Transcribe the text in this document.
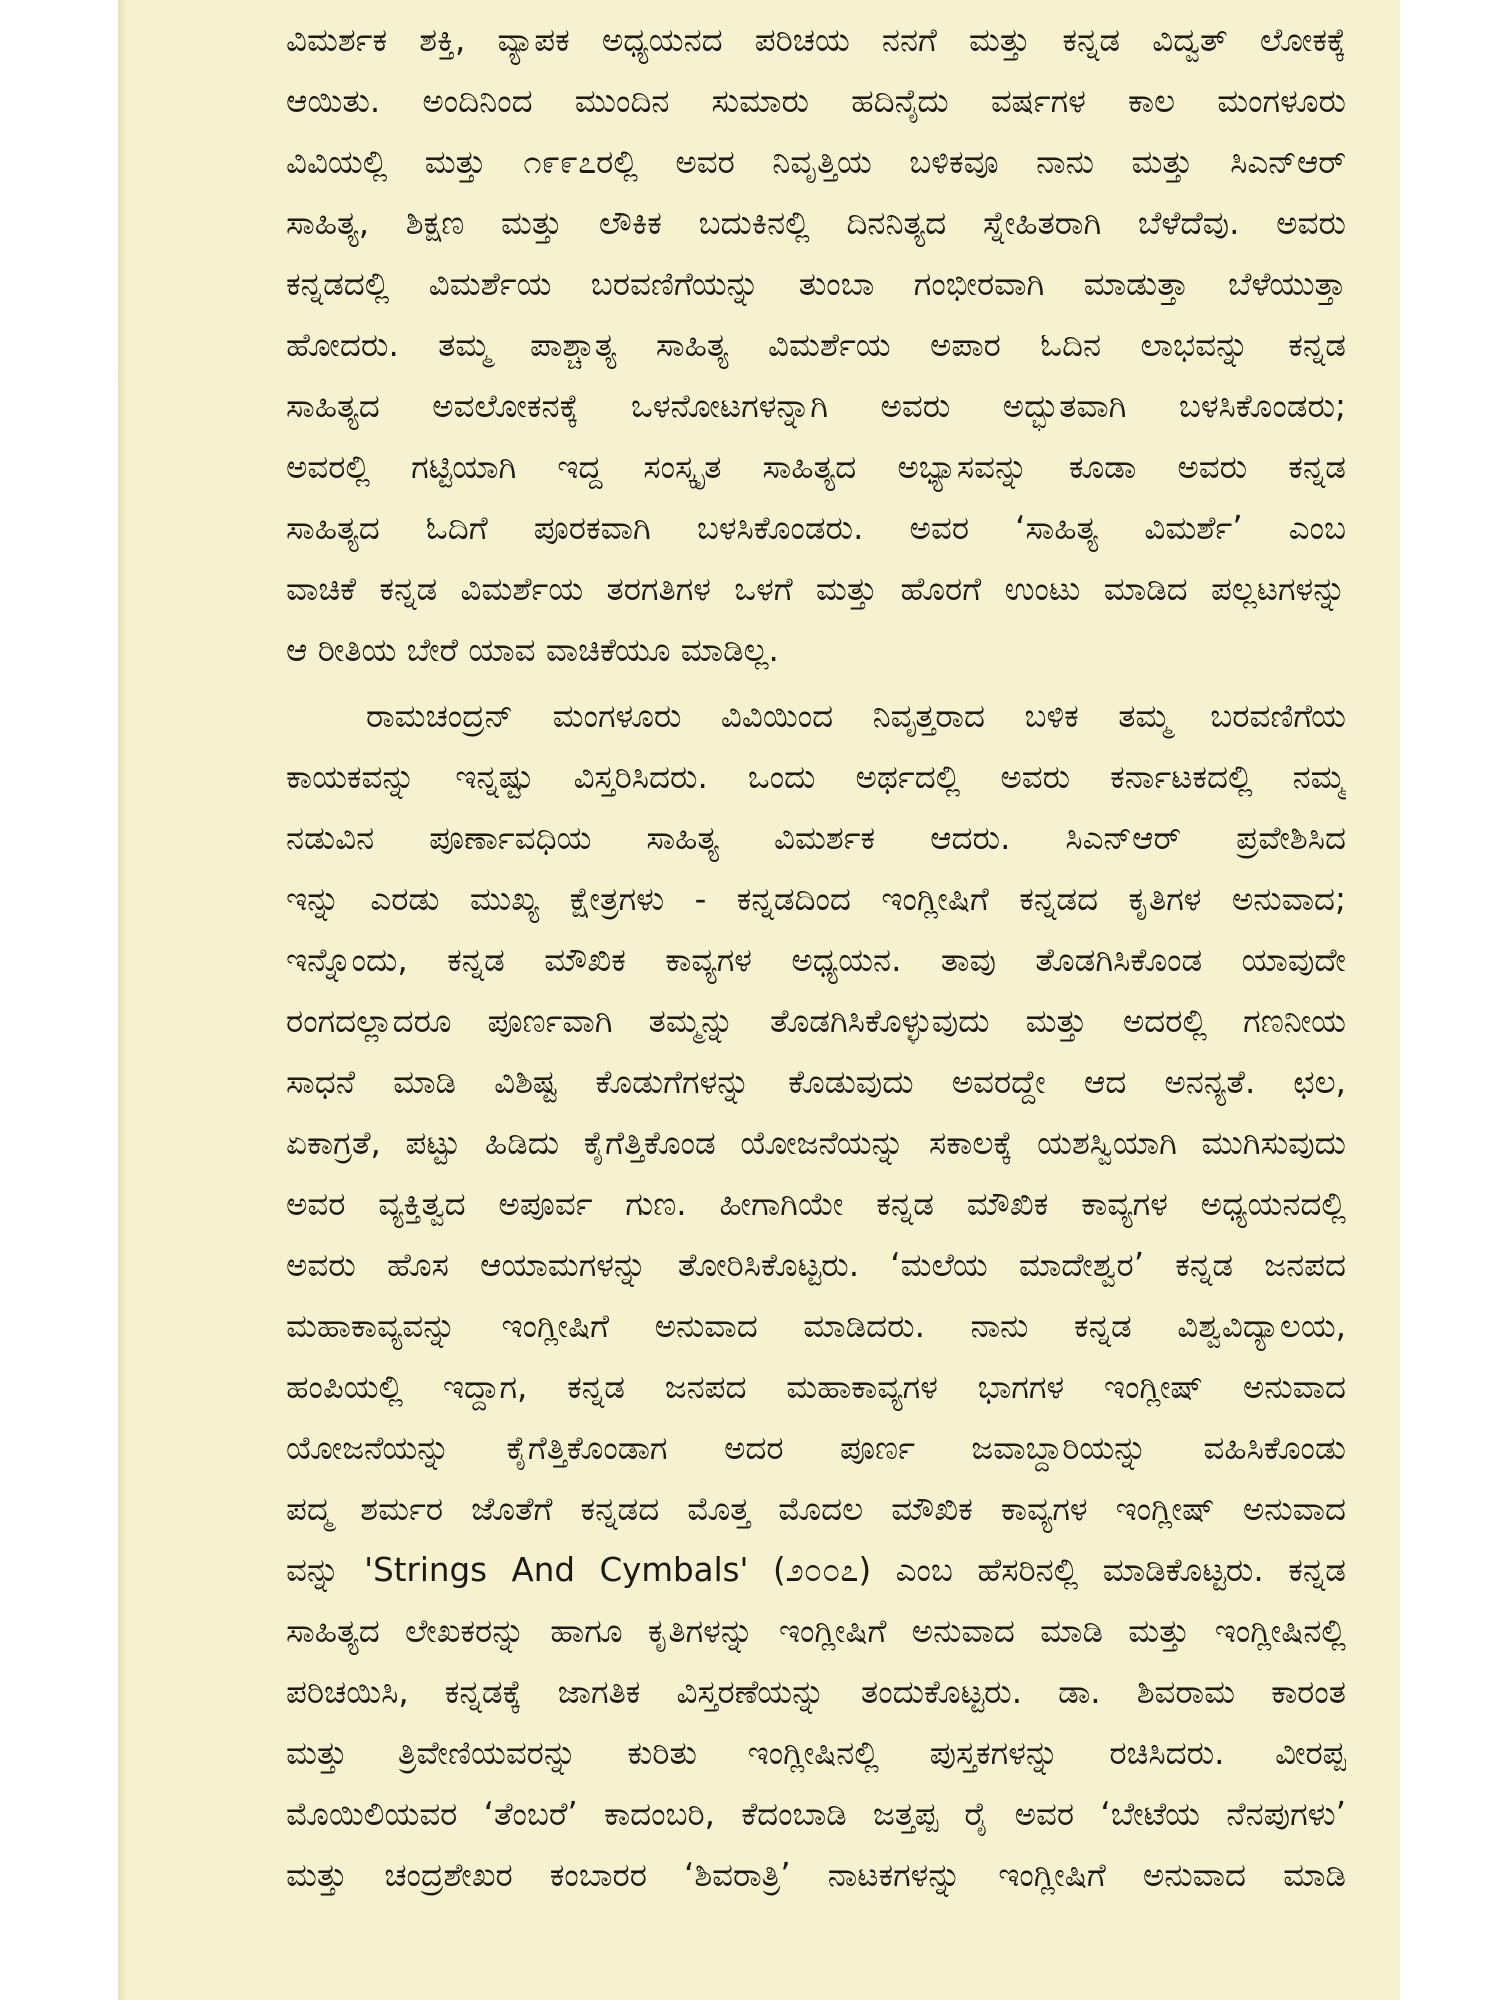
ವಿಮರ್ಶಕ ಶಕ್ತಿ, ವ್ಯಾಪಕ ಅಧ್ಯಯನದ ಪರಿಚಯ ನನಗೆ ಮತ್ತು ಕನ್ನಡ ವಿದ್ವತ್ ಲೋಕಕ್ಕೆ
ಆಯಿತು. ಅಂದಿನಿಂದ ಮುಂದಿನ ಸುಮಾರು ಹದಿನೈದು ವರ್ಷಗಳ ಕಾಲ ಮಂಗಳೂರು
ವಿವಿಯಲ್ಲಿ ಮತ್ತು ೧೯೯೭ರಲ್ಲಿ ಅವರ ನಿವೃತ್ತಿಯ ಬಳಿಕವೂ ನಾನು ಮತ್ತು ಸಿಎನ್‌ಆರ್
ಸಾಹಿತ್ಯ, ಶಿಕ್ಷಣ ಮತ್ತು ಲೌಕಿಕ ಬದುಕಿನಲ್ಲಿ ದಿನನಿತ್ಯದ ಸ್ನೇಹಿತರಾಗಿ ಬೆಳೆದೆವು. ಅವರು
ಕನ್ನಡದಲ್ಲಿ ವಿಮರ್ಶೆಯ ಬರವಣಿಗೆಯನ್ನು ತುಂಬಾ ಗಂಭೀರವಾಗಿ ಮಾಡುತ್ತಾ ಬೆಳೆಯುತ್ತಾ
ಹೋದರು. ತಮ್ಮ ಪಾಶ್ಚಾತ್ಯ ಸಾಹಿತ್ಯ ವಿಮರ್ಶೆಯ ಅಪಾರ ಓದಿನ ಲಾಭವನ್ನು ಕನ್ನಡ
ಸಾಹಿತ್ಯದ ಅವಲೋಕನಕ್ಕೆ ಒಳನೋಟಗಳನ್ನಾಗಿ ಅವರು ಅದ್ಭುತವಾಗಿ ಬಳಸಿಕೊಂಡರು;
ಅವರಲ್ಲಿ ಗಟ್ಟಿಯಾಗಿ ಇದ್ದ ಸಂಸ್ಕೃತ ಸಾಹಿತ್ಯದ ಅಭ್ಯಾಸವನ್ನು ಕೂಡಾ ಅವರು ಕನ್ನಡ
ಸಾಹಿತ್ಯದ ಓದಿಗೆ ಪೂರಕವಾಗಿ ಬಳಸಿಕೊಂಡರು. ಅವರ ‘ಸಾಹಿತ್ಯ ವಿಮರ್ಶೆ’ ಎಂಬ
ವಾಚಿಕೆ ಕನ್ನಡ ವಿಮರ್ಶೆಯ ತರಗತಿಗಳ ಒಳಗೆ ಮತ್ತು ಹೊರಗೆ ಉಂಟು ಮಾಡಿದ ಪಲ್ಲಟಗಳನ್ನು
ಆ ರೀತಿಯ ಬೇರೆ ಯಾವ ವಾಚಿಕೆಯೂ ಮಾಡಿಲ್ಲ.
ರಾಮಚಂದ್ರನ್ ಮಂಗಳೂರು ವಿವಿಯಿಂದ ನಿವೃತ್ತರಾದ ಬಳಿಕ ತಮ್ಮ ಬರವಣಿಗೆಯ
ಕಾಯಕವನ್ನು ಇನ್ನಷ್ಟು ವಿಸ್ತರಿಸಿದರು. ಒಂದು ಅರ್ಥದಲ್ಲಿ ಅವರು ಕರ್ನಾಟಕದಲ್ಲಿ ನಮ್ಮ
ನಡುವಿನ ಪೂರ್ಣಾವಧಿಯ ಸಾಹಿತ್ಯ ವಿಮರ್ಶಕ ಆದರು. ಸಿಎನ್‌ಆರ್ ಪ್ರವೇಶಿಸಿದ
ಇನ್ನು ಎರಡು ಮುಖ್ಯ ಕ್ಷೇತ್ರಗಳು - ಕನ್ನಡದಿಂದ ಇಂಗ್ಲೀಷಿಗೆ ಕನ್ನಡದ ಕೃತಿಗಳ ಅನುವಾದ;
ಇನ್ನೊಂದು, ಕನ್ನಡ ಮೌಖಿಕ ಕಾವ್ಯಗಳ ಅಧ್ಯಯನ. ತಾವು ತೊಡಗಿಸಿಕೊಂಡ ಯಾವುದೇ
ರಂಗದಲ್ಲಾದರೂ ಪೂರ್ಣವಾಗಿ ತಮ್ಮನ್ನು ತೊಡಗಿಸಿಕೊಳ್ಳುವುದು ಮತ್ತು ಅದರಲ್ಲಿ ಗಣನೀಯ
ಸಾಧನೆ ಮಾಡಿ ವಿಶಿಷ್ಟ ಕೊಡುಗೆಗಳನ್ನು ಕೊಡುವುದು ಅವರದ್ದೇ ಆದ ಅನನ್ಯತೆ. ಛಲ,
ಏಕಾಗ್ರತೆ, ಪಟ್ಟು ಹಿಡಿದು ಕೈಗೆತ್ತಿಕೊಂಡ ಯೋಜನೆಯನ್ನು ಸಕಾಲಕ್ಕೆ ಯಶಸ್ವಿಯಾಗಿ ಮುಗಿಸುವುದು
ಅವರ ವ್ಯಕ್ತಿತ್ವದ ಅಪೂರ್ವ ಗುಣ. ಹೀಗಾಗಿಯೇ ಕನ್ನಡ ಮೌಖಿಕ ಕಾವ್ಯಗಳ ಅಧ್ಯಯನದಲ್ಲಿ
ಅವರು ಹೊಸ ಆಯಾಮಗಳನ್ನು ತೋರಿಸಿಕೊಟ್ಟರು. ‘ಮಲೆಯ ಮಾದೇಶ್ವರ’ ಕನ್ನಡ ಜನಪದ
ಮಹಾಕಾವ್ಯವನ್ನು ಇಂಗ್ಲೀಷಿಗೆ ಅನುವಾದ ಮಾಡಿದರು. ನಾನು ಕನ್ನಡ ವಿಶ್ವವಿದ್ಯಾಲಯ,
ಹಂಪಿಯಲ್ಲಿ ಇದ್ದಾಗ, ಕನ್ನಡ ಜನಪದ ಮಹಾಕಾವ್ಯಗಳ ಭಾಗಗಳ ಇಂಗ್ಲೀಷ್ ಅನುವಾದ
ಯೋಜನೆಯನ್ನು ಕೈಗೆತ್ತಿಕೊಂಡಾಗ ಅದರ ಪೂರ್ಣ ಜವಾಬ್ದಾರಿಯನ್ನು ವಹಿಸಿಕೊಂಡು
ಪದ್ಮ ಶರ್ಮರ ಜೊತೆಗೆ ಕನ್ನಡದ ಮೊತ್ತ ಮೊದಲ ಮೌಖಿಕ ಕಾವ್ಯಗಳ ಇಂಗ್ಲೀಷ್ ಅನುವಾದ
ವನ್ನು 'Strings And Cymbals' (೨೦೦೭) ಎಂಬ ಹೆಸರಿನಲ್ಲಿ ಮಾಡಿಕೊಟ್ಟರು. ಕನ್ನಡ
ಸಾಹಿತ್ಯದ ಲೇಖಕರನ್ನು ಹಾಗೂ ಕೃತಿಗಳನ್ನು ಇಂಗ್ಲೀಷಿಗೆ ಅನುವಾದ ಮಾಡಿ ಮತ್ತು ಇಂಗ್ಲೀಷಿನಲ್ಲಿ
ಪರಿಚಯಿಸಿ, ಕನ್ನಡಕ್ಕೆ ಜಾಗತಿಕ ವಿಸ್ತರಣೆಯನ್ನು ತಂದುಕೊಟ್ಟರು. ಡಾ. ಶಿವರಾಮ ಕಾರಂತ
ಮತ್ತು ತ್ರಿವೇಣಿಯವರನ್ನು ಕುರಿತು ಇಂಗ್ಲೀಷಿನಲ್ಲಿ ಪುಸ್ತಕಗಳನ್ನು ರಚಿಸಿದರು. ವೀರಪ್ಪ
ಮೊಯಿಲಿಯವರ ‘ತೆಂಬರೆ’ ಕಾದಂಬರಿ, ಕೆದಂಬಾಡಿ ಜತ್ತಪ್ಪ ರೈ ಅವರ ‘ಬೇಟೆಯ ನೆನಪುಗಳು’
ಮತ್ತು ಚಂದ್ರಶೇಖರ ಕಂಬಾರರ ‘ಶಿವರಾತ್ರಿ’ ನಾಟಕಗಳನ್ನು ಇಂಗ್ಲೀಷಿಗೆ ಅನುವಾದ ಮಾಡಿ
